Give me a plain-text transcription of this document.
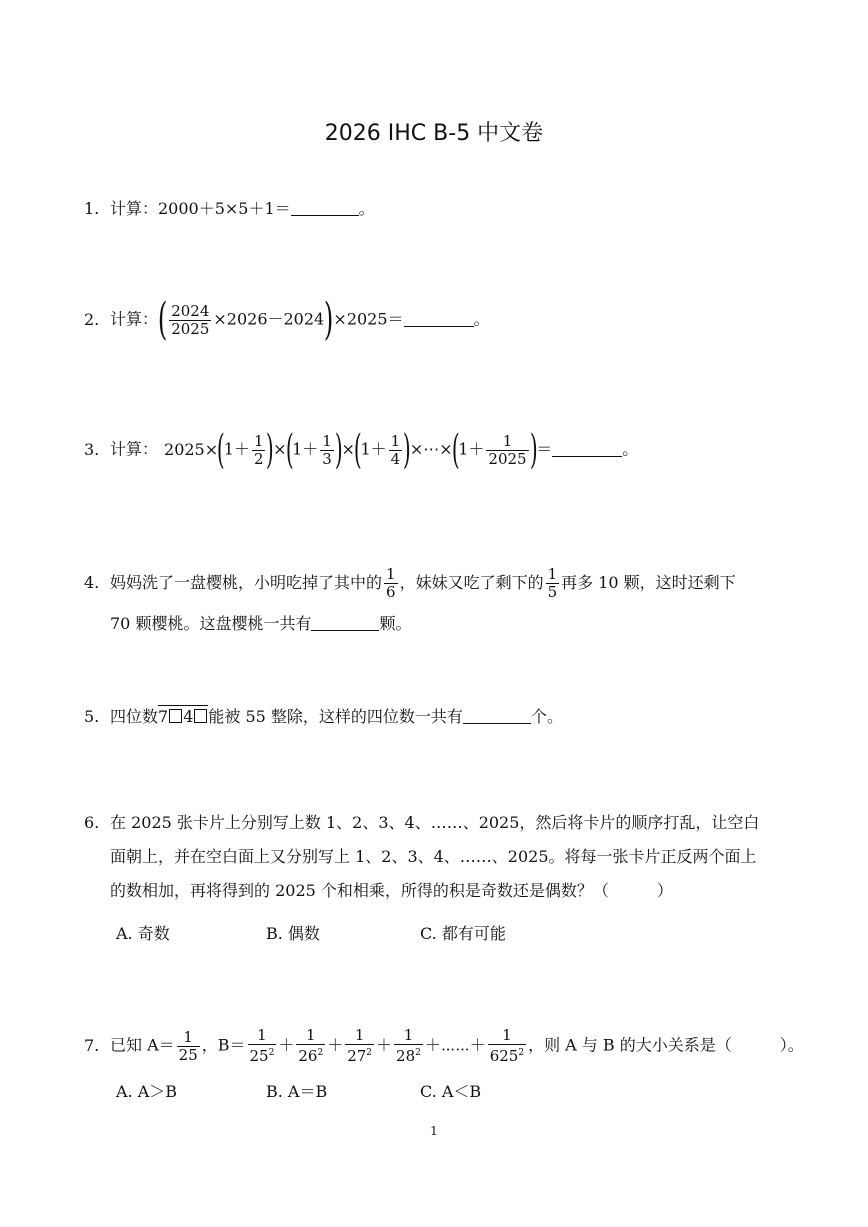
2026 IHC B-5 中文卷
1. 计算：2000＋5×5＋1＝	。
2. 计算：( $\frac{2024}{2025} \times 2026-2024)\times 2025=$	。
3. 计算： $2025\times(1+ \frac{1}{2} )\times(1+ \frac{1}{3} )\times(1+ \frac{1}{4}$ )×⋯×(1＋ $\frac{1}{2025}$ )＝	。
4. 妈妈洗了一盘樱桃，小明吃掉了其中的 $\frac{1}{6}$ ，妹妹又吃了剩下的 $\frac{1}{5}$ 再多 10 颗，这时还剩下
70 颗樱桃。这盘樱桃一共有	颗。
5. 四位数7 4 能被 55 整除，这样的四位数一共有	个。
6. 在 2025 张卡片上分别写上数 1、2、3、4、……、2025，然后将卡片的顺序打乱，让空白
面朝上，并在空白面上又分别写上 1、2、3、4、……、2025。将每一张卡片正反两个面上
的数相加，再将得到的 2025 个和相乘，所得的积是奇数还是偶数？（　　　）
A. 奇数	B. 偶数	C. 都有可能
7. 已知 $A= \frac{1}{25}$ ，$B= \frac{1}{25^2} + \frac{1}{26^2} + \frac{1}{27^2} + \frac{1}{28^2}$ ＋⋯⋯＋ $\frac{1}{625^2}$ ，则 A 与 B 的大小关系是（　　　）。
A. A＞B	B. A＝B	C. A＜B
1
